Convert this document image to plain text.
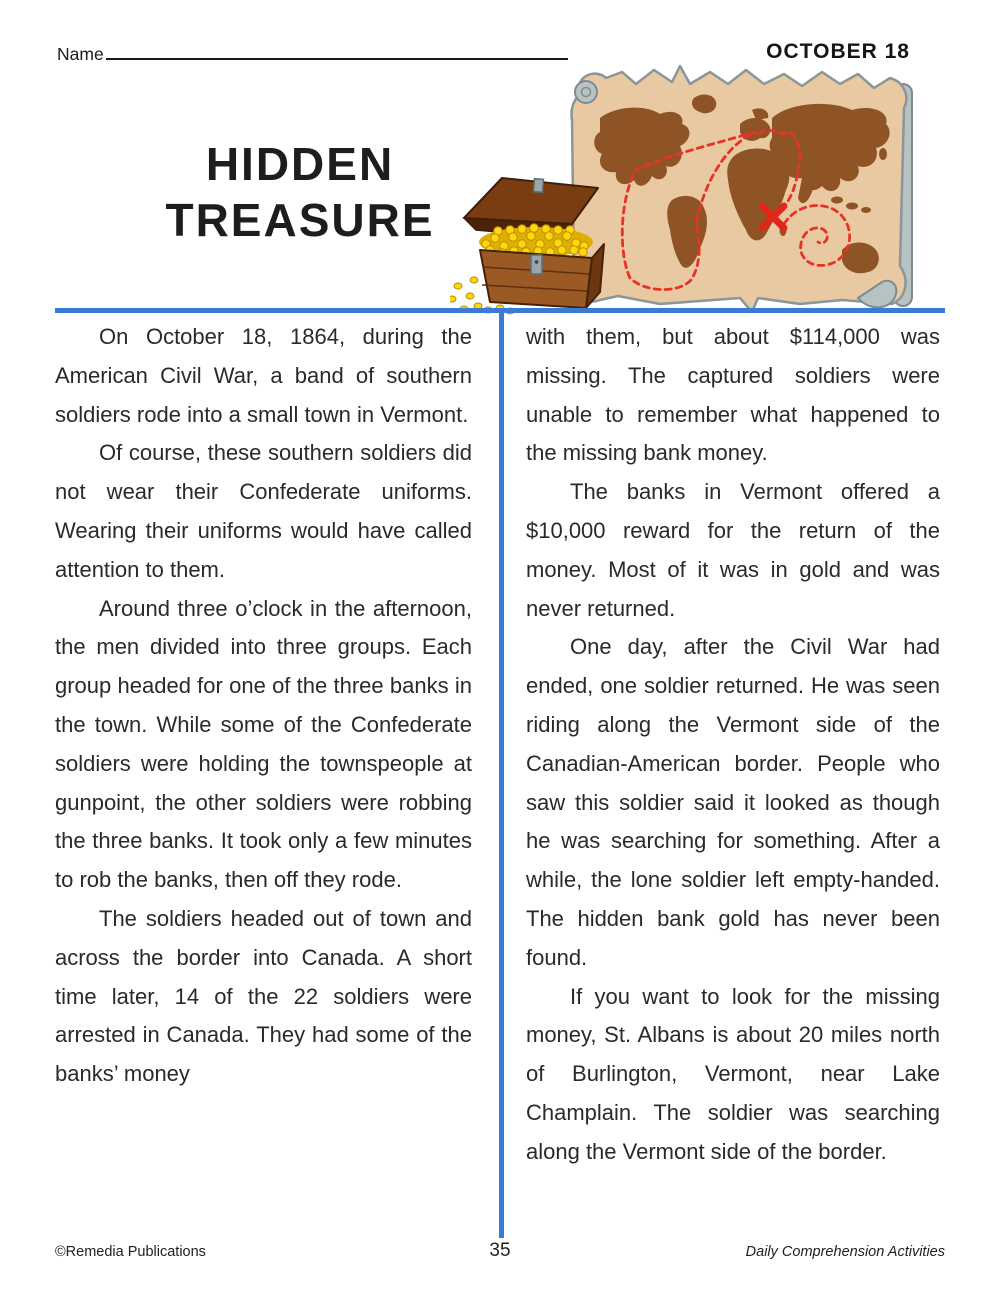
Name	OCTOBER 18
HIDDEN
TREASURE

On October 18, 1864, during the American Civil War, a band of southern soldiers rode into a small town in Vermont.

Of course, these southern soldiers did not wear their Confederate uniforms. Wearing their uniforms would have called attention to them.

Around three o’clock in the afternoon, the men divided into three groups. Each group headed for one of the three banks in the town. While some of the Confederate soldiers were holding the townspeople at gunpoint, the other soldiers were robbing the three banks. It took only a few minutes to rob the banks, then off they rode.

The soldiers headed out of town and across the border into Canada. A short time later, 14 of the 22 soldiers were arrested in Canada. They had some of the banks’ money

with them, but about $114,000 was missing. The captured soldiers were unable to remember what happened to the missing bank money.

The banks in Vermont offered a $10,000 reward for the return of the money. Most of it was in gold and was never returned.

One day, after the Civil War had ended, one soldier returned. He was seen riding along the Vermont side of the Canadian-American border. People who saw this soldier said it looked as though he was searching for something. After a while, the lone soldier left empty-handed. The hidden bank gold has never been found.

If you want to look for the missing money, St. Albans is about 20 miles north of Burlington, Vermont, near Lake Champlain. The soldier was searching along the Vermont side of the border.

©Remedia Publications	35	Daily Comprehension Activities
